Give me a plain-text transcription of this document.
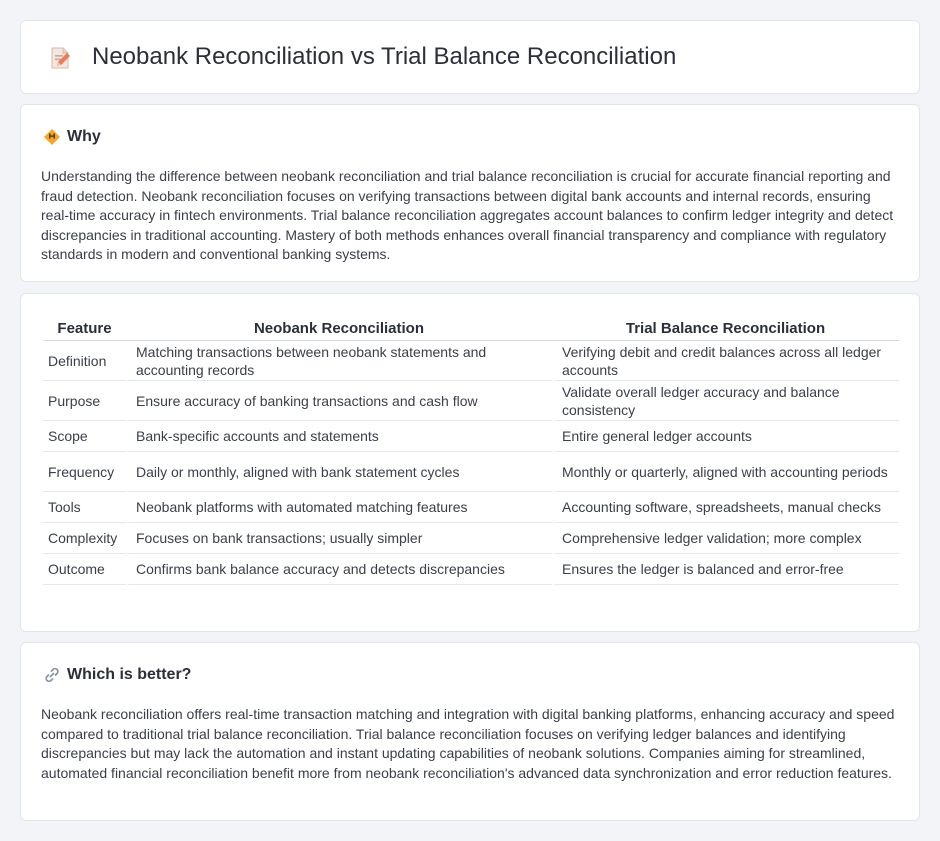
Neobank Reconciliation vs Trial Balance Reconciliation
Why

Understanding the difference between neobank reconciliation and trial balance reconciliation is crucial for accurate financial reporting and fraud detection. Neobank reconciliation focuses on verifying transactions between digital bank accounts and internal records, ensuring real-time accuracy in fintech environments. Trial balance reconciliation aggregates account balances to confirm ledger integrity and detect discrepancies in traditional accounting. Mastery of both methods enhances overall financial transparency and compliance with regulatory standards in modern and conventional banking systems.

Feature	Neobank Reconciliation	Trial Balance Reconciliation
Definition	Matching transactions between neobank statements and accounting records	Verifying debit and credit balances across all ledger accounts
Purpose	Ensure accuracy of banking transactions and cash flow	Validate overall ledger accuracy and balance consistency
Scope	Bank-specific accounts and statements	Entire general ledger accounts
Frequency	Daily or monthly, aligned with bank statement cycles	Monthly or quarterly, aligned with accounting periods
Tools	Neobank platforms with automated matching features	Accounting software, spreadsheets, manual checks
Complexity	Focuses on bank transactions; usually simpler	Comprehensive ledger validation; more complex
Outcome	Confirms bank balance accuracy and detects discrepancies	Ensures the ledger is balanced and error-free
Which is better?

Neobank reconciliation offers real-time transaction matching and integration with digital banking platforms, enhancing accuracy and speed compared to traditional trial balance reconciliation. Trial balance reconciliation focuses on verifying ledger balances and identifying discrepancies but may lack the automation and instant updating capabilities of neobank solutions. Companies aiming for streamlined, automated financial reconciliation benefit more from neobank reconciliation's advanced data synchronization and error reduction features.
